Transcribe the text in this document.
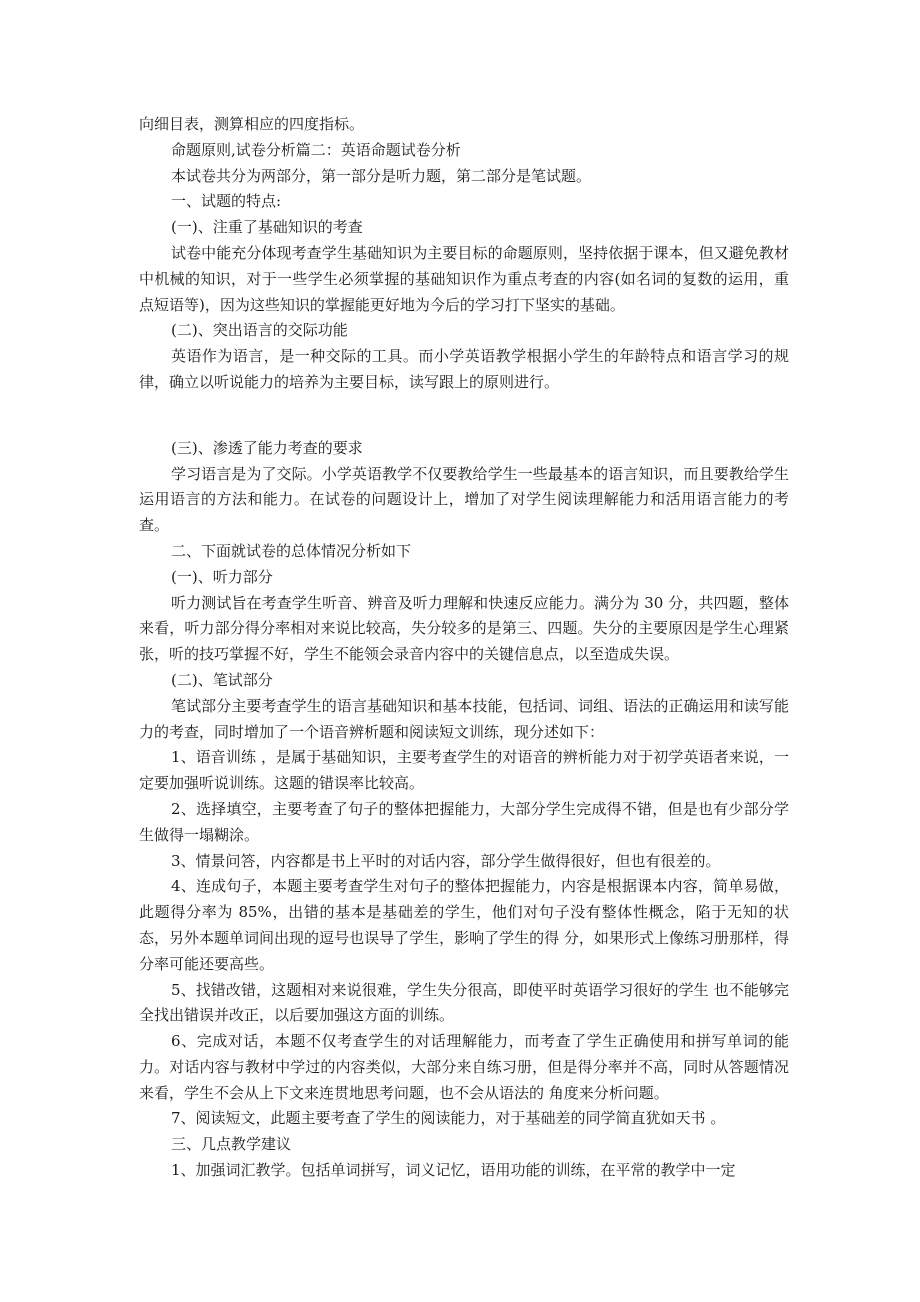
向细目表，测算相应的四度指标。

命题原则,试卷分析篇二：英语命题试卷分析

本试卷共分为两部分，第一部分是听力题，第二部分是笔试题。

一、试题的特点:

(一)、注重了基础知识的考查

试卷中能充分体现考查学生基础知识为主要目标的命题原则，坚持依据于课本，但又避免教材中机械的知识，对于一些学生必须掌握的基础知识作为重点考查的内容(如名词的复数的运用，重点短语等)，因为这些知识的掌握能更好地为今后的学习打下坚实的基础。

(二)、突出语言的交际功能

英语作为语言，是一种交际的工具。而小学英语教学根据小学生的年龄特点和语言学习的规律，确立以听说能力的培养为主要目标，读写跟上的原则进行。

(三)、渗透了能力考查的要求

学习语言是为了交际。小学英语教学不仅要教给学生一些最基本的语言知识，而且要教给学生运用语言的方法和能力。在试卷的问题设计上，增加了对学生阅读理解能力和活用语言能力的考查。

二、下面就试卷的总体情况分析如下

(一)、听力部分

听力测试旨在考查学生听音、辨音及听力理解和快速反应能力。满分为 30 分，共四题，整体来看，听力部分得分率相对来说比较高，失分较多的是第三、四题。失分的主要原因是学生心理紧张，听的技巧掌握不好，学生不能领会录音内容中的关键信息点，以至造成失误。

(二)、笔试部分

笔试部分主要考查学生的语言基础知识和基本技能，包括词、词组、语法的正确运用和读写能力的考查，同时增加了一个语音辨析题和阅读短文训练，现分述如下：

1、语音训练 ，是属于基础知识，主要考查学生的对语音的辨析能力对于初学英语者来说，一定要加强听说训练。这题的错误率比较高。

2、选择填空，主要考查了句子的整体把握能力，大部分学生完成得不错，但是也有少部分学生做得一塌糊涂。

3、情景问答，内容都是书上平时的对话内容，部分学生做得很好，但也有很差的。

4、连成句子，本题主要考查学生对句子的整体把握能力，内容是根据课本内容，简单易做，此题得分率为 85%，出错的基本是基础差的学生，他们对句子没有整体性概念，陷于无知的状态，另外本题单词间出现的逗号也误导了学生，影响了学生的得 分，如果形式上像练习册那样，得分率可能还要高些。

5、找错改错，这题相对来说很难，学生失分很高，即使平时英语学习很好的学生 也不能够完全找出错误并改正，以后要加强这方面的训练。

6、完成对话，本题不仅考查学生的对话理解能力，而考查了学生正确使用和拼写单词的能力。对话内容与教材中学过的内容类似，大部分来自练习册，但是得分率并不高，同时从答题情况来看，学生不会从上下文来连贯地思考问题，也不会从语法的 角度来分析问题。

7、阅读短文，此题主要考查了学生的阅读能力，对于基础差的同学简直犹如天书 。

三、几点教学建议

1、加强词汇教学。包括单词拼写，词义记忆，语用功能的训练，在平常的教学中一定
